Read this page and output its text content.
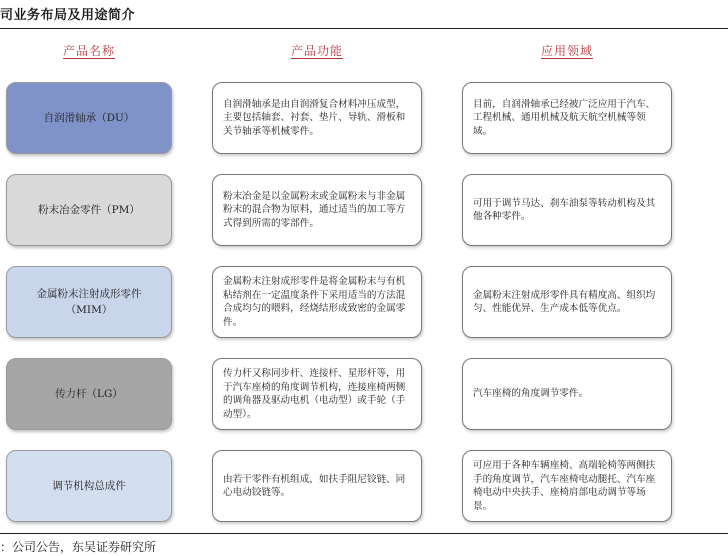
司业务布局及用途简介
产品名称	产品功能	应用领域
自润滑轴承（DU）
自润滑轴承是由自润滑复合材料冲压成型，主要包括轴套、衬套、垫片、导轨、滑板和关节轴承等机械零件。
目前，自润滑轴承已经被广泛应用于汽车、工程机械、通用机械及航天航空机械等领域。
粉末冶金零件（PM）
粉末冶金是以金属粉末或金属粉末与非金属粉末的混合物为原料，通过适当的加工等方式得到所需的零部件。
可用于调节马达、刹车油泵等转动机构及其他各种零件。
金属粉末注射成形零件
（MIM）
金属粉末注射成形零件是将金属粉末与有机粘结剂在一定温度条件下采用适当的方法混合成均匀的喂料，经烧结形成致密的金属零件。
金属粉末注射成形零件具有精度高、组织均匀、性能优异、生产成本低等优点。
传力杆（LG）
传力杆又称同步杆、连接杆、星形杆等，用于汽车座椅的角度调节机构，连接座椅两侧的调角器及驱动电机（电动型）或手轮（手动型）。
汽车座椅的角度调节零件。
调节机构总成件
由若干零件有机组成，如扶手阻尼铰链、同心电动铰链等。
可应用于各种车辆座椅、高端轮椅等两侧扶手的角度调节，汽车座椅电动腿托、汽车座椅电动中央扶手、座椅肩部电动调节等场景。
：公司公告，东吴证券研究所
